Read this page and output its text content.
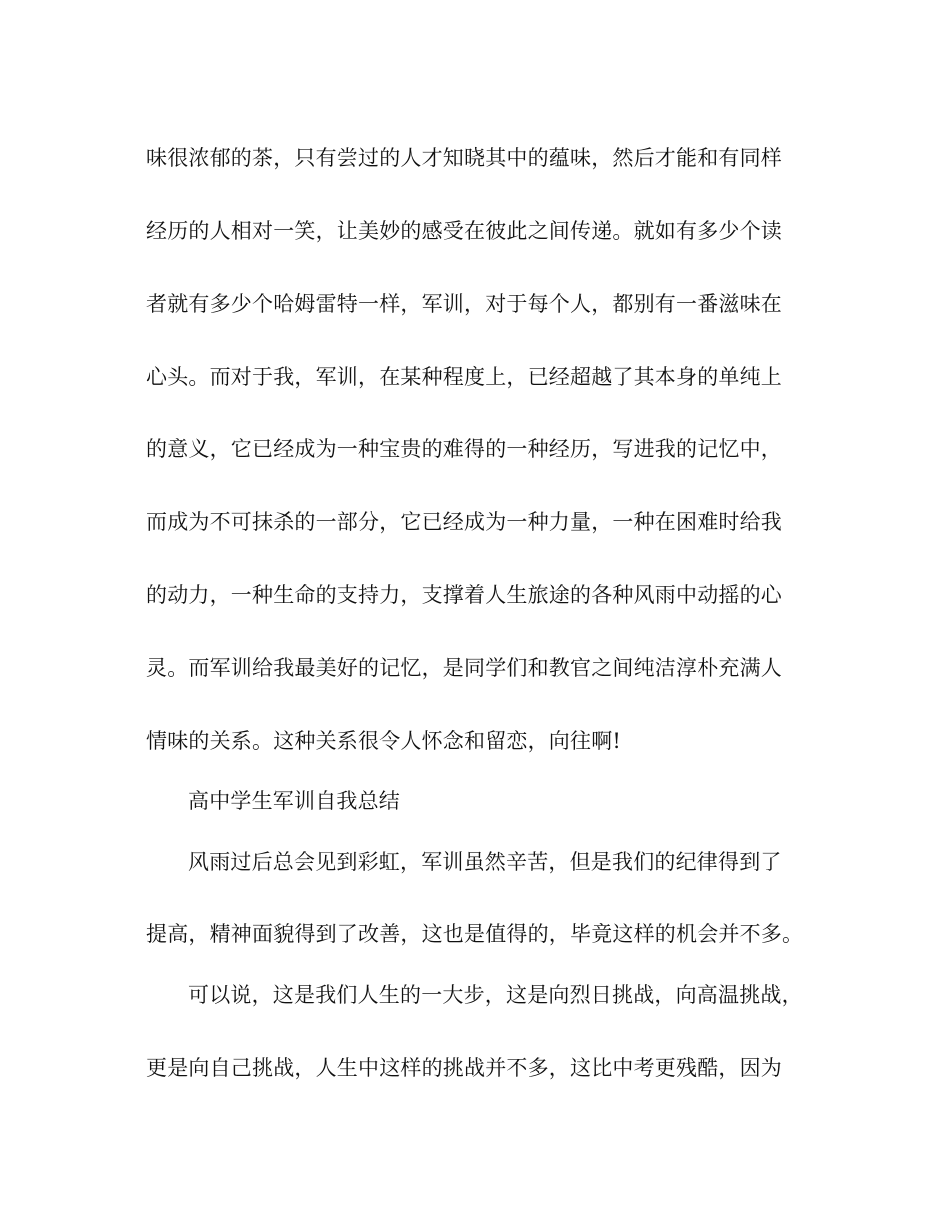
味很浓郁的茶，只有尝过的人才知晓其中的蕴味，然后才能和有同样
经历的人相对一笑，让美妙的感受在彼此之间传递。就如有多少个读
者就有多少个哈姆雷特一样，军训，对于每个人，都别有一番滋味在
心头。而对于我，军训，在某种程度上，已经超越了其本身的单纯上
的意义，它已经成为一种宝贵的难得的一种经历，写进我的记忆中，
而成为不可抹杀的一部分，它已经成为一种力量，一种在困难时给我
的动力，一种生命的支持力，支撑着人生旅途的各种风雨中动摇的心
灵。而军训给我最美好的记忆，是同学们和教官之间纯洁淳朴充满人
情味的关系。这种关系很令人怀念和留恋，向往啊!
高中学生军训自我总结
风雨过后总会见到彩虹，军训虽然辛苦，但是我们的纪律得到了
提高，精神面貌得到了改善，这也是值得的，毕竟这样的机会并不多。
可以说，这是我们人生的一大步，这是向烈日挑战，向高温挑战，
更是向自己挑战，人生中这样的挑战并不多，这比中考更残酷，因为
